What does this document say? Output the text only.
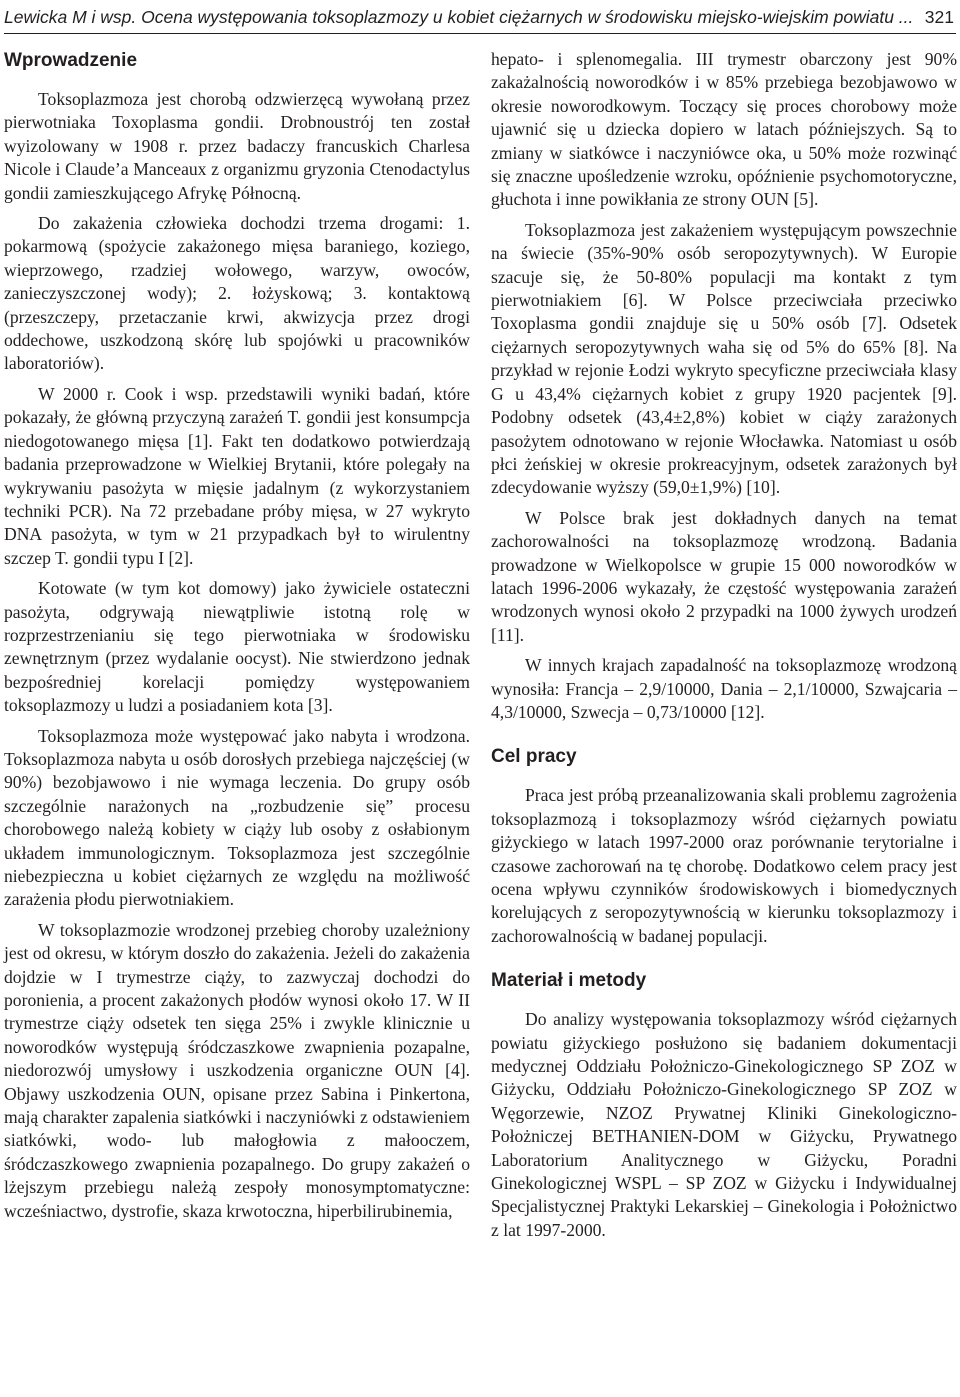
Lewicka M i wsp. Ocena występowania toksoplazmozy u kobiet ciężarnych w środowisku miejsko-wiejskim powiatu ... 321
Wprowadzenie

Toksoplazmoza jest chorobą odzwierzęcą wywołaną przez pierwotniaka Toxoplasma gondii. Drobnoustrój ten został wyizolowany w 1908 r. przez badaczy francuskich Charlesa Nicole i Claude’a Manceaux z organizmu gryzonia Ctenodactylus gondii zamieszkującego Afrykę Północną.

Do zakażenia człowieka dochodzi trzema drogami: 1. pokarmową (spożycie zakażonego mięsa baraniego, koziego, wieprzowego, rzadziej wołowego, warzyw, owoców, zanieczyszczonej wody); 2. łożyskową; 3. kontaktową (przeszczepy, przetaczanie krwi, akwizycja przez drogi oddechowe, uszkodzoną skórę lub spojówki u pracowników laboratoriów).

W 2000 r. Cook i wsp. przedstawili wyniki badań, które pokazały, że główną przyczyną zarażeń T. gondii jest konsumpcja niedogotowanego mięsa [1]. Fakt ten dodatkowo potwierdzają badania przeprowadzone w Wielkiej Brytanii, które polegały na wykrywaniu pasożyta w mięsie jadalnym (z wykorzystaniem techniki PCR). Na 72 przebadane próby mięsa, w 27 wykryto DNA pasożyta, w tym w 21 przypadkach był to wirulentny szczep T. gondii typu I [2].

Kotowate (w tym kot domowy) jako żywiciele ostateczni pasożyta, odgrywają niewątpliwie istotną rolę w rozprzestrzenianiu się tego pierwotniaka w środowisku zewnętrznym (przez wydalanie oocyst). Nie stwierdzono jednak bezpośredniej korelacji pomiędzy występowaniem toksoplazmozy u ludzi a posiadaniem kota [3].

Toksoplazmoza może występować jako nabyta i wrodzona. Toksoplazmoza nabyta u osób dorosłych przebiega najczęściej (w 90%) bezobjawowo i nie wymaga leczenia. Do grupy osób szczególnie narażonych na „rozbudzenie się” procesu chorobowego należą kobiety w ciąży lub osoby z osłabionym układem immunologicznym. Toksoplazmoza jest szczególnie niebezpieczna u kobiet ciężarnych ze względu na możliwość zarażenia płodu pierwotniakiem.

W toksoplazmozie wrodzonej przebieg choroby uzależniony jest od okresu, w którym doszło do zakażenia. Jeżeli do zakażenia dojdzie w I trymestrze ciąży, to zazwyczaj dochodzi do poronienia, a procent zakażonych płodów wynosi około 17. W II trymestrze ciąży odsetek ten sięga 25% i zwykle klinicznie u noworodków występują śródczaszkowe zwapnienia pozapalne, niedorozwój umysłowy i uszkodzenia organiczne OUN [4]. Objawy uszkodzenia OUN, opisane przez Sabina i Pinkertona, mają charakter zapalenia siatkówki i naczyniówki z odstawieniem siatkówki, wodo- lub małogłowia z małooczem, śródczaszkowego zwapnienia pozapalnego. Do grupy zakażeń o lżejszym przebiegu należą zespoły monosymptomatyczne: wcześniactwo, dystrofie, skaza krwotoczna, hiperbilirubinemia,

hepato- i splenomegalia. III trymestr obarczony jest 90% zakażalnością noworodków i w 85% przebiega bezobjawowo w okresie noworodkowym. Toczący się proces chorobowy może ujawnić się u dziecka dopiero w latach późniejszych. Są to zmiany w siatkówce i naczyniówce oka, u 50% może rozwinąć się znaczne upośledzenie wzroku, opóźnienie psychomotoryczne, głuchota i inne powikłania ze strony OUN [5].

Toksoplazmoza jest zakażeniem występującym powszechnie na świecie (35%-90% osób seropozytywnych). W Europie szacuje się, że 50-80% populacji ma kontakt z tym pierwotniakiem [6]. W Polsce przeciwciała przeciwko Toxoplasma gondii znajduje się u 50% osób [7]. Odsetek ciężarnych seropozytywnych waha się od 5% do 65% [8]. Na przykład w rejonie Łodzi wykryto specyficzne przeciwciała klasy G u 43,4% ciężarnych kobiet z grupy 1920 pacjentek [9]. Podobny odsetek (43,4±2,8%) kobiet w ciąży zarażonych pasożytem odnotowano w rejonie Włocławka. Natomiast u osób płci żeńskiej w okresie prokreacyjnym, odsetek zarażonych był zdecydowanie wyższy (59,0±1,9%) [10].

W Polsce brak jest dokładnych danych na temat zachorowalności na toksoplazmozę wrodzoną. Badania prowadzone w Wielkopolsce w grupie 15 000 noworodków w latach 1996-2006 wykazały, że częstość występowania zarażeń wrodzonych wynosi około 2 przypadki na 1000 żywych urodzeń [11].

W innych krajach zapadalność na toksoplazmozę wrodzoną wynosiła: Francja – 2,9/10000, Dania – 2,1/10000, Szwajcaria – 4,3/10000, Szwecja – 0,73/10000 [12].

Cel pracy

Praca jest próbą przeanalizowania skali problemu zagrożenia toksoplazmozą i toksoplazmozy wśród ciężarnych powiatu giżyckiego w latach 1997-2000 oraz porównanie terytorialne i czasowe zachorowań na tę chorobę. Dodatkowo celem pracy jest ocena wpływu czynników środowiskowych i biomedycznych korelujących z seropozytywnością w kierunku toksoplazmozy i zachorowalnością w badanej populacji.

Materiał i metody

Do analizy występowania toksoplazmozy wśród ciężarnych powiatu giżyckiego posłużono się badaniem dokumentacji medycznej Oddziału Położniczo-Ginekologicznego SP ZOZ w Giżycku, Oddziału Położniczo-Ginekologicznego SP ZOZ w Węgorzewie, NZOZ Prywatnej Kliniki Ginekologiczno-Położniczej BETHANIEN-DOM w Giżycku, Prywatnego Laboratorium Analitycznego w Giżycku, Poradni Ginekologicznej WSPL – SP ZOZ w Giżycku i Indywidualnej Specjalistycznej Praktyki Lekarskiej – Ginekologia i Położnictwo z lat 1997-2000.
